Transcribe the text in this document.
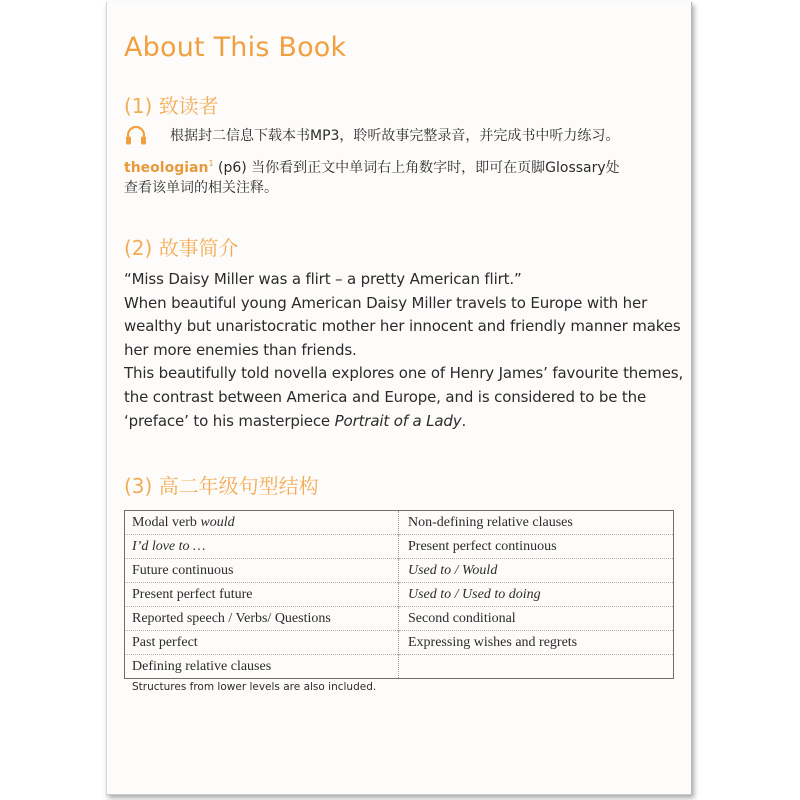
About This Book
(1) 致读者
根据封二信息下载本书MP3，聆听故事完整录音，并完成书中听力练习。
theologian$^1$ (p6) 当你看到正文中单词右上角数字时，即可在页脚Glossary处
查看该单词的相关注释。
(2) 故事简介

“Miss Daisy Miller was a flirt – a pretty American flirt.”

When beautiful young American Daisy Miller travels to Europe with her wealthy but unaristocratic mother her innocent and friendly manner makes her more enemies than friends.

This beautifully told novella explores one of Henry James’ favourite themes, the contrast between America and Europe, and is considered to be the ‘preface’ to his masterpiece Portrait of a Lady.

(3) 高二年级句型结构
Modal verb would	Non-defining relative clauses
I’d love to …	Present perfect continuous
Future continuous	Used to / Would
Present perfect future	Used to / Used to doing
Reported speech / Verbs/ Questions	Second conditional
Past perfect	Expressing wishes and regrets
Defining relative clauses	
Structures from lower levels are also included.
